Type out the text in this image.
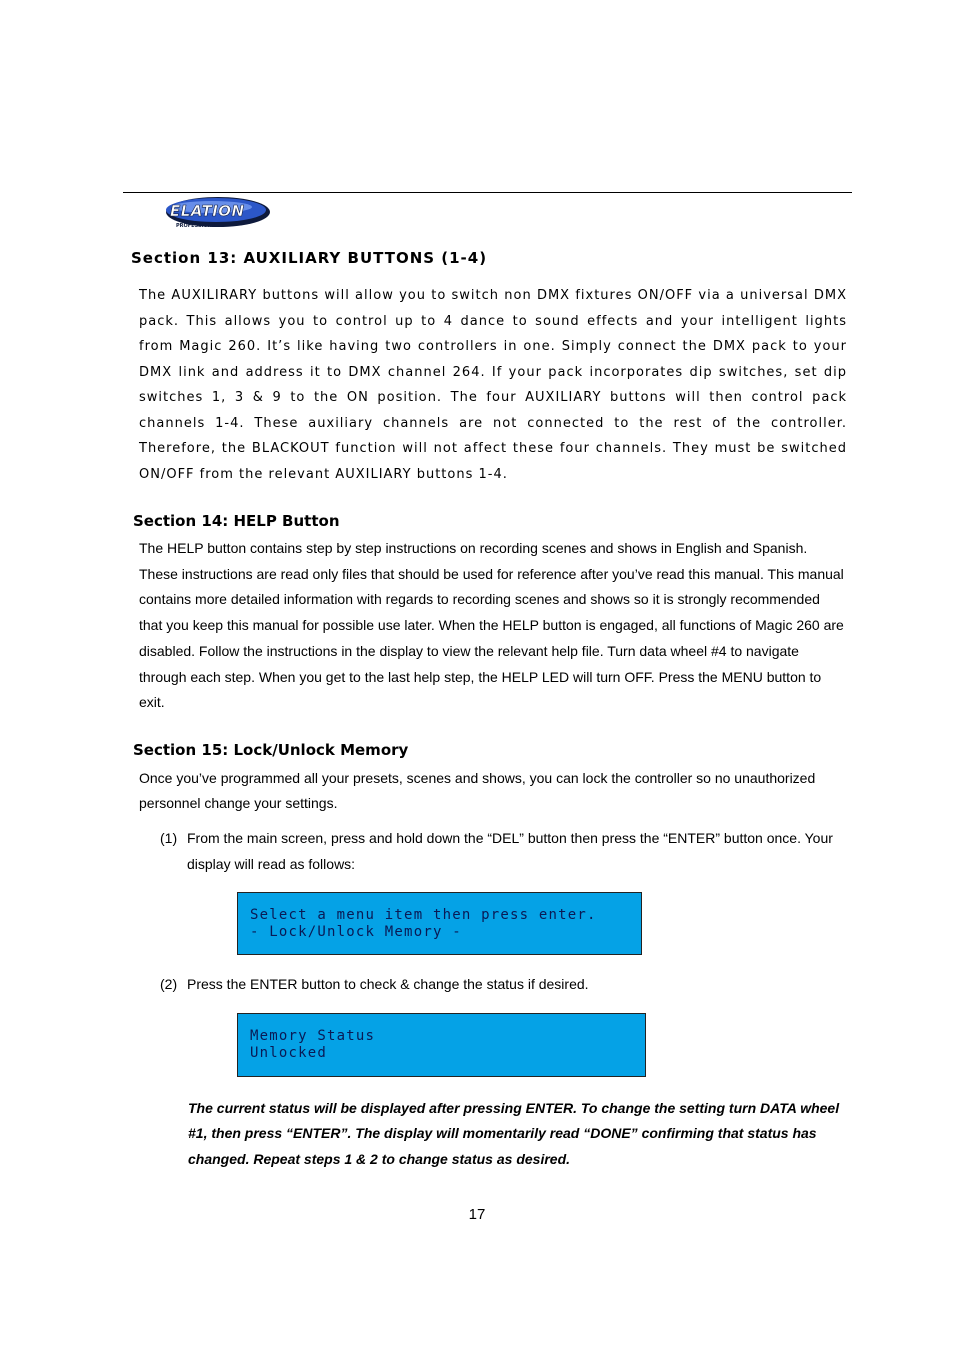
ELATION
PROFESSIONAL
Section 13: AUXILIARY BUTTONS (1-4)

The AUXILIRARY buttons will allow you to switch non DMX fixtures ON/OFF via a universal DMX pack. This allows you to control up to 4 dance to sound effects and your intelligent lights from Magic 260. It’s like having two controllers in one. Simply connect the DMX pack to your DMX link and address it to DMX channel 264. If your pack incorporates dip switches, set dip switches 1, 3 & 9 to the ON position. The four AUXILIARY buttons will then control pack channels 1-4. These auxiliary channels are not connected to the rest of the controller. Therefore, the BLACKOUT function will not affect these four channels. They must be switched ON/OFF from the relevant AUXILIARY buttons 1-4.

Section 14: HELP Button

The HELP button contains step by step instructions on recording scenes and shows in English and Spanish. These instructions are read only files that should be used for reference after you’ve read this manual. This manual contains more detailed information with regards to recording scenes and shows so it is strongly recommended that you keep this manual for possible use later. When the HELP button is engaged, all functions of Magic 260 are disabled. Follow the instructions in the display to view the relevant help file. Turn data wheel #4 to navigate through each step. When you get to the last help step, the HELP LED will turn OFF. Press the MENU button to exit.

Section 15: Lock/Unlock Memory

Once you’ve programmed all your presets, scenes and shows, you can lock the controller so no unauthorized personnel change your settings.

(1) From the main screen, press and hold down the “DEL” button then press the “ENTER” button once. Your display will read as follows:
Select a menu item then press enter.
- Lock/Unlock Memory -
(2) Press the ENTER button to check & change the status if desired.
Memory Status
Unlocked

The current status will be displayed after pressing ENTER. To change the setting turn DATA wheel #1, then press “ENTER”. The display will momentarily read “DONE” confirming that status has changed. Repeat steps 1 & 2 to change status as desired.

17
